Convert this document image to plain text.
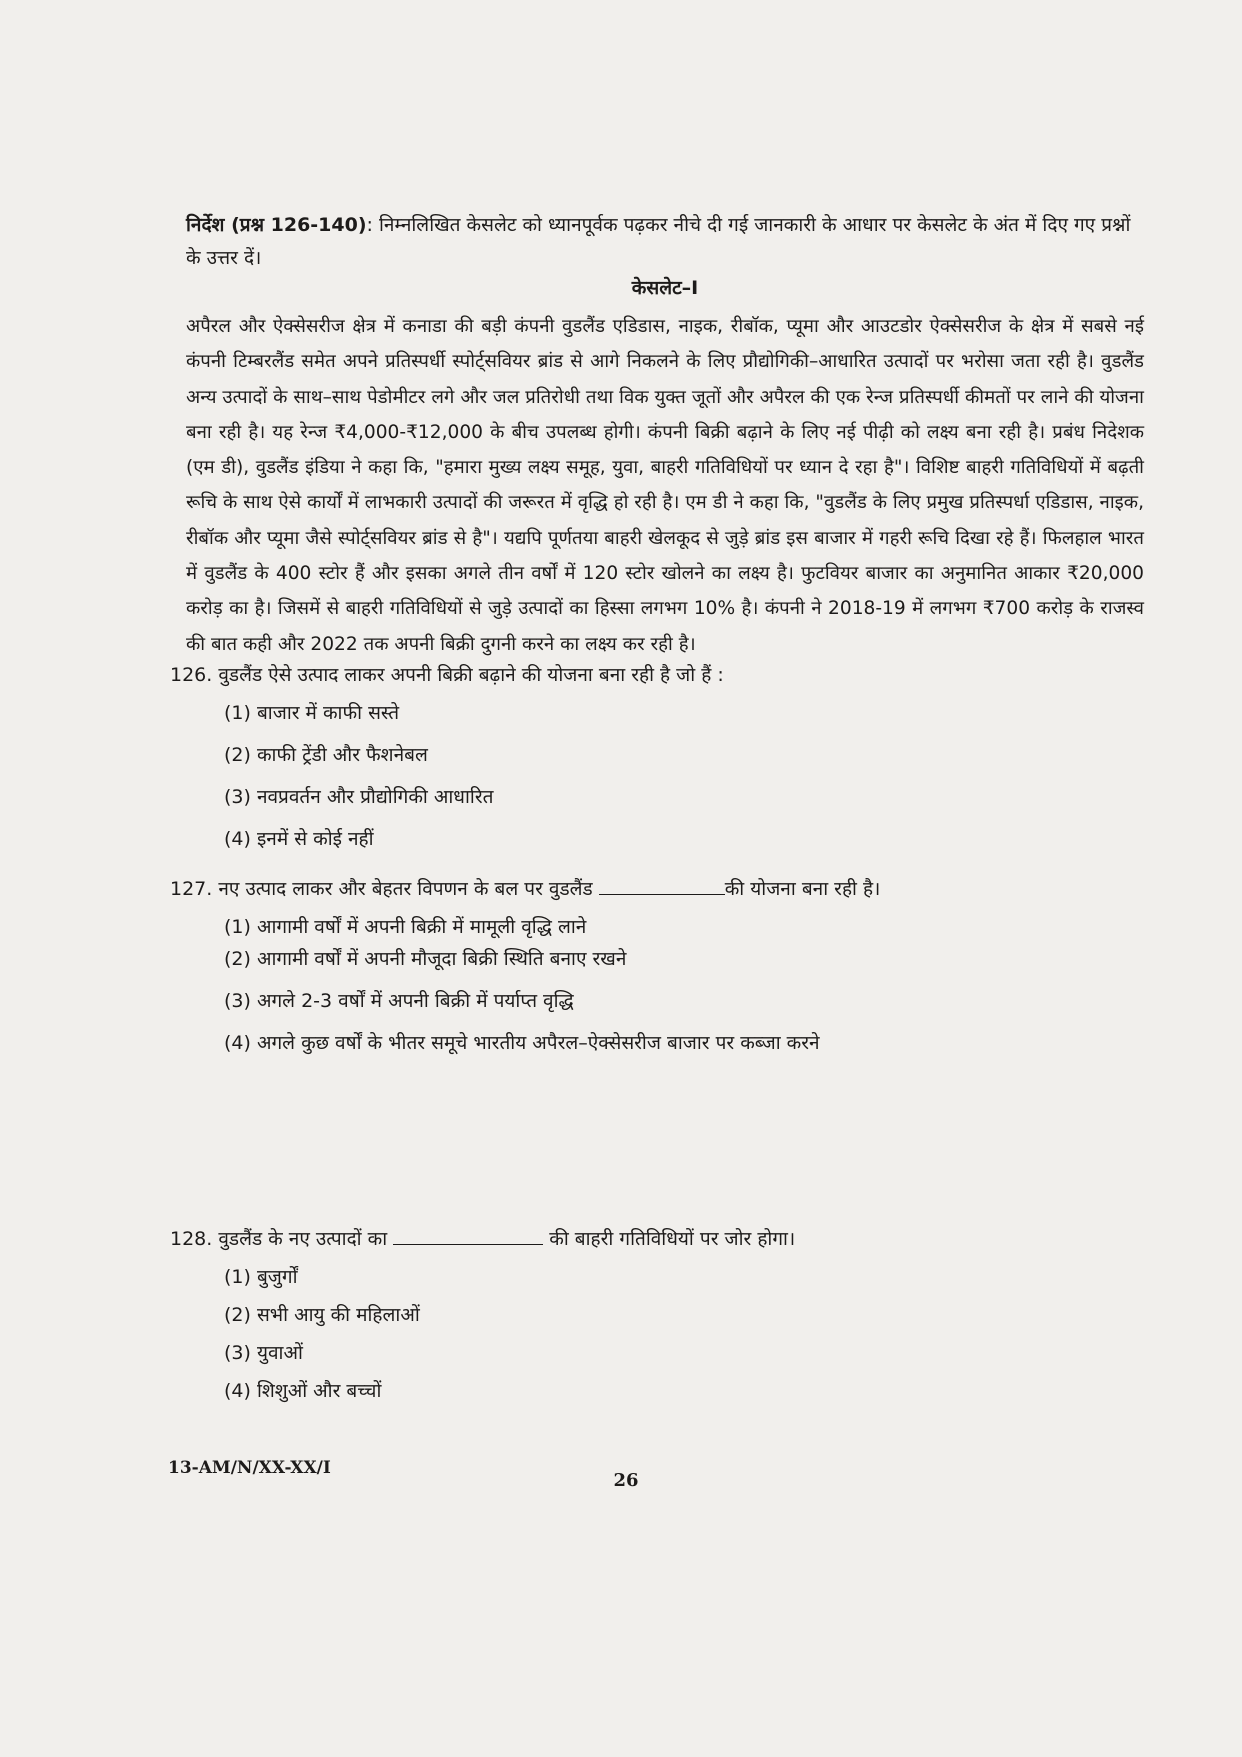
निर्देश (प्रश्न 126-140): निम्नलिखित केसलेट को ध्यानपूर्वक पढ़कर नीचे दी गई जानकारी के आधार पर केसलेट के अंत में दिए गए प्रश्नों के उत्तर दें।

केसलेट–I

अपैरल और ऐक्सेसरीज क्षेत्र में कनाडा की बड़ी कंपनी वुडलैंड एडिडास, नाइक, रीबॉक, प्यूमा और आउटडोर ऐक्सेसरीज के क्षेत्र में सबसे नई कंपनी टिम्बरलैंड समेत अपने प्रतिस्पर्धी स्पोर्ट्सवियर ब्रांड से आगे निकलने के लिए प्रौद्योगिकी–आधारित उत्पादों पर भरोसा जता रही है। वुडलैंड अन्य उत्पादों के साथ–साथ पेडोमीटर लगे और जल प्रतिरोधी तथा विक युक्त जूतों और अपैरल की एक रेन्ज प्रतिस्पर्धी कीमतों पर लाने की योजना बना रही है। यह रेन्ज ₹4,000-₹12,000 के बीच उपलब्ध होगी। कंपनी बिक्री बढ़ाने के लिए नई पीढ़ी को लक्ष्य बना रही है। प्रबंध निदेशक (एम डी), वुडलैंड इंडिया ने कहा कि, "हमारा मुख्य लक्ष्य समूह, युवा, बाहरी गतिविधियों पर ध्यान दे रहा है"। विशिष्ट बाहरी गतिविधियों में बढ़ती रूचि के साथ ऐसे कार्यों में लाभकारी उत्पादों की जरूरत में वृद्धि हो रही है। एम डी ने कहा कि, "वुडलैंड के लिए प्रमुख प्रतिस्पर्धा एडिडास, नाइक, रीबॉक और प्यूमा जैसे स्पोर्ट्सवियर ब्रांड से है"। यद्यपि पूर्णतया बाहरी खेलकूद से जुड़े ब्रांड इस बाजार में गहरी रूचि दिखा रहे हैं। फिलहाल भारत में वुडलैंड के 400 स्टोर हैं और इसका अगले तीन वर्षों में 120 स्टोर खोलने का लक्ष्य है। फुटवियर बाजार का अनुमानित आकार ₹20,000 करोड़ का है। जिसमें से बाहरी गतिविधियों से जुड़े उत्पादों का हिस्सा लगभग 10% है। कंपनी ने 2018-19 में लगभग ₹700 करोड़ के राजस्व की बात कही और 2022 तक अपनी बिक्री दुगनी करने का लक्ष्य कर रही है।

126. वुडलैंड ऐसे उत्पाद लाकर अपनी बिक्री बढ़ाने की योजना बना रही है जो हैं :

(1) बाजार में काफी सस्ते
(2) काफी ट्रेंडी और फैशनेबल
(3) नवप्रवर्तन और प्रौद्योगिकी आधारित
(4) इनमें से कोई नहीं

127. नए उत्पाद लाकर और बेहतर विपणन के बल पर वुडलैंड	की योजना बना रही है।

(1) आगामी वर्षों में अपनी बिक्री में मामूली वृद्धि लाने
(2) आगामी वर्षों में अपनी मौजूदा बिक्री स्थिति बनाए रखने
(3) अगले 2-3 वर्षों में अपनी बिक्री में पर्याप्त वृद्धि
(4) अगले कुछ वर्षों के भीतर समूचे भारतीय अपैरल–ऐक्सेसरीज बाजार पर कब्जा करने

128. वुडलैंड के नए उत्पादों का	की बाहरी गतिविधियों पर जोर होगा।

(1) बुजुर्गों
(2) सभी आयु की महिलाओं
(3) युवाओं
(4) शिशुओं और बच्चों

13-AM/N/XX-XX/I

26
